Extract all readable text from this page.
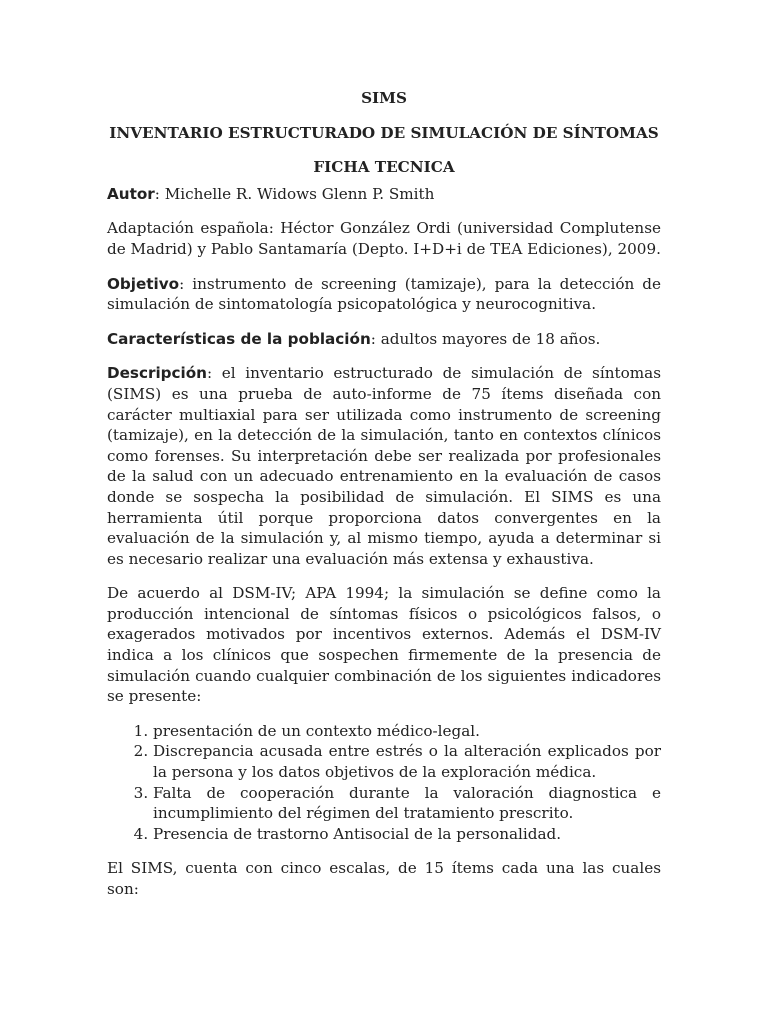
SIMS
INVENTARIO ESTRUCTURADO DE SIMULACIÓN DE SÍNTOMAS
FICHA TECNICA

Autor: Michelle R. Widows Glenn P. Smith

Adaptación española: Héctor González Ordi (universidad Complutense de Madrid) y Pablo Santamaría (Depto. I+D+i de TEA Ediciones), 2009.

Objetivo: instrumento de screening (tamizaje), para la detección de simulación de sintomatología psicopatológica y neurocognitiva.

Características de la población: adultos mayores de 18 años.

Descripción: el inventario estructurado de simulación de síntomas (SIMS) es una prueba de auto-informe de 75 ítems diseñada con carácter multiaxial para ser utilizada como instrumento de screening (tamizaje), en la detección de la simulación, tanto en contextos clínicos como forenses. Su interpretación debe ser realizada por profesionales de la salud con un adecuado entrenamiento en la evaluación de casos donde se sospecha la posibilidad de simulación. El SIMS es una herramienta útil porque proporciona datos convergentes en la evaluación de la simulación y, al mismo tiempo, ayuda a determinar si es necesario realizar una evaluación más extensa y exhaustiva.

De acuerdo al DSM-IV; APA 1994; la simulación se define como la producción intencional de síntomas físicos o psicológicos falsos, o exagerados motivados por incentivos externos. Además el DSM-IV indica a los clínicos que sospechen firmemente de la presencia de simulación cuando cualquier combinación de los siguientes indicadores se presente:

1. presentación de un contexto médico-legal.
2. Discrepancia acusada entre estrés o la alteración explicados por la persona y los datos objetivos de la exploración médica.
3. Falta de cooperación durante la valoración diagnostica e incumplimiento del régimen del tratamiento prescrito.
4. Presencia de trastorno Antisocial de la personalidad.

El SIMS, cuenta con cinco escalas, de 15 ítems cada una las cuales son:
